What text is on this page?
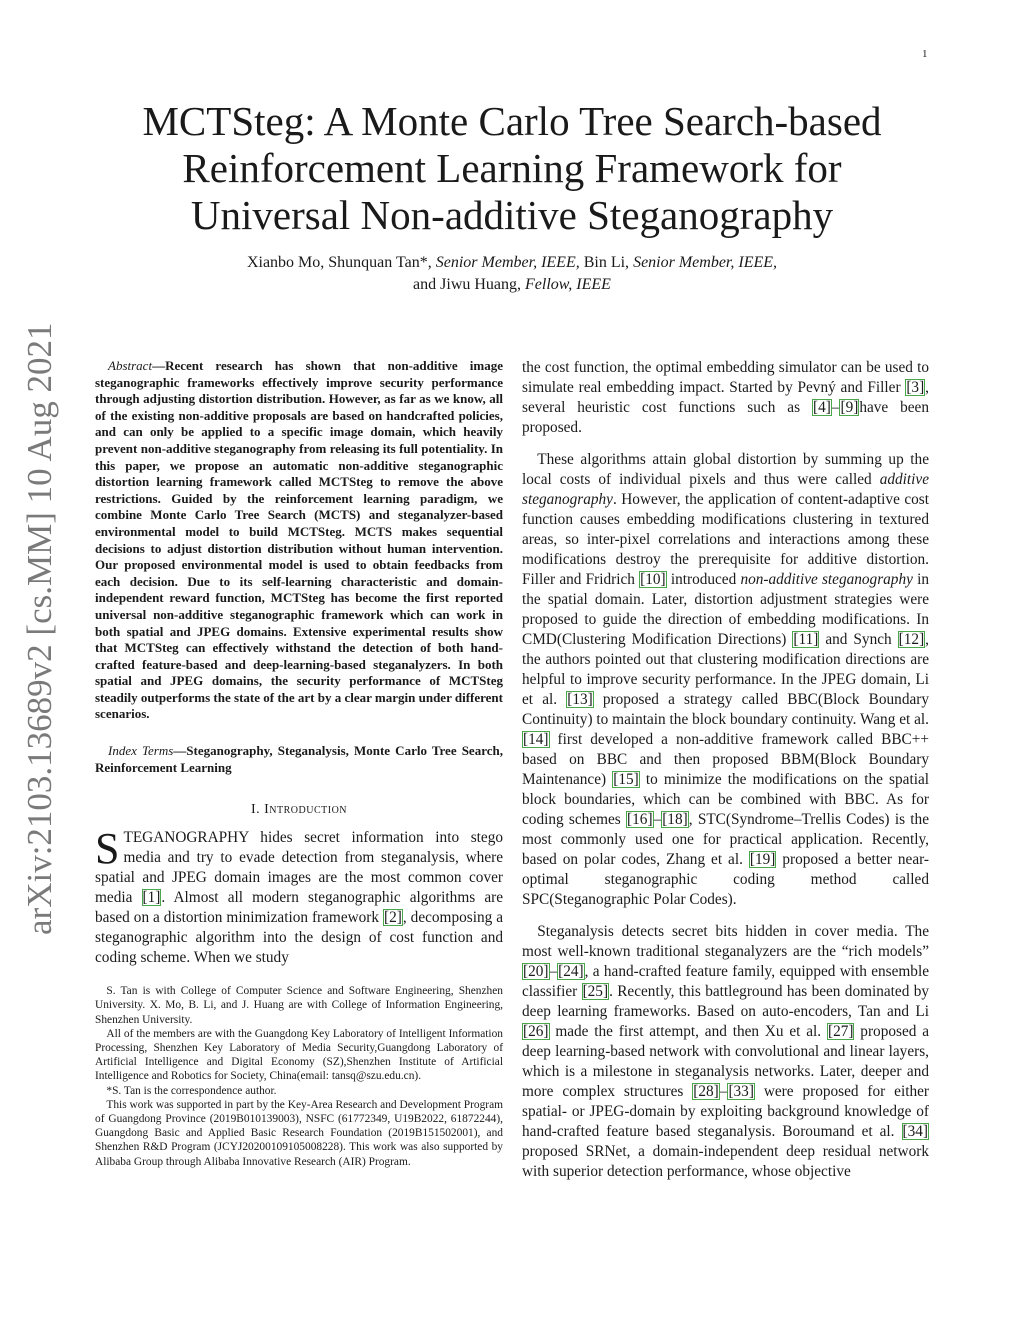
1
arXiv:2103.13689v2 [cs.MM] 10 Aug 2021
MCTSteg: A Monte Carlo Tree Search-based
Reinforcement Learning Framework for
Universal Non-additive Steganography
Xianbo Mo, Shunquan Tan*, Senior Member, IEEE, Bin Li, Senior Member, IEEE,
and Jiwu Huang, Fellow, IEEE

Abstract—Recent research has shown that non-additive image steganographic frameworks effectively improve security performance through adjusting distortion distribution. However, as far as we know, all of the existing non-additive proposals are based on handcrafted policies, and can only be applied to a specific image domain, which heavily prevent non-additive steganography from releasing its full potentiality. In this paper, we propose an automatic non-additive steganographic distortion learning framework called MCTSteg to remove the above restrictions. Guided by the reinforcement learning paradigm, we combine Monte Carlo Tree Search (MCTS) and steganalyzer-based environmental model to build MCTSteg. MCTS makes sequential decisions to adjust distortion distribution without human intervention. Our proposed environmental model is used to obtain feedbacks from each decision. Due to its self-learning characteristic and domain-independent reward function, MCTSteg has become the first reported universal non-additive steganographic framework which can work in both spatial and JPEG domains. Extensive experimental results show that MCTSteg can effectively withstand the detection of both hand-crafted feature-based and deep-learning-based steganalyzers. In both spatial and JPEG domains, the security performance of MCTSteg steadily outperforms the state of the art by a clear margin under different scenarios.

Index Terms—Steganography, Steganalysis, Monte Carlo Tree Search, Reinforcement Learning

I. Introduction

STEGANOGRAPHY hides secret information into stego media and try to evade detection from steganalysis, where spatial and JPEG domain images are the most common cover media [1]. Almost all modern steganographic algorithms are based on a distortion minimization framework [2], decomposing a steganographic algorithm into the design of cost function and coding scheme. When we study

S. Tan is with College of Computer Science and Software Engineering, Shenzhen University. X. Mo, B. Li, and J. Huang are with College of Information Engineering, Shenzhen University.

All of the members are with the Guangdong Key Laboratory of Intelligent Information Processing, Shenzhen Key Laboratory of Media Security,Guangdong Laboratory of Artificial Intelligence and Digital Economy (SZ),Shenzhen Institute of Artificial Intelligence and Robotics for Society, China(email: tansq@szu.edu.cn).

*S. Tan is the correspondence author.

This work was supported in part by the Key-Area Research and Development Program of Guangdong Province (2019B010139003), NSFC (61772349, U19B2022, 61872244), Guangdong Basic and Applied Basic Research Foundation (2019B151502001), and Shenzhen R&D Program (JCYJ20200109105008228). This work was also supported by Alibaba Group through Alibaba Innovative Research (AIR) Program.

the cost function, the optimal embedding simulator can be used to simulate real embedding impact. Started by Pevný and Filler [3], several heuristic cost functions such as [4]–[9]have been proposed.

These algorithms attain global distortion by summing up the local costs of individual pixels and thus were called additive steganography. However, the application of content-adaptive cost function causes embedding modifications clustering in textured areas, so inter-pixel correlations and interactions among these modifications destroy the prerequisite for additive distortion. Filler and Fridrich [10] introduced non-additive steganography in the spatial domain. Later, distortion adjustment strategies were proposed to guide the direction of embedding modifications. In CMD(Clustering Modification Directions) [11] and Synch [12], the authors pointed out that clustering modification directions are helpful to improve security performance. In the JPEG domain, Li et al. [13] proposed a strategy called BBC(Block Boundary Continuity) to maintain the block boundary continuity. Wang et al. [14] first developed a non-additive framework called BBC++ based on BBC and then proposed BBM(Block Boundary Maintenance) [15] to minimize the modifications on the spatial block boundaries, which can be combined with BBC. As for coding schemes [16]–[18], STC(Syndrome–Trellis Codes) is the most commonly used one for practical application. Recently, based on polar codes, Zhang et al. [19] proposed a better near-optimal steganographic coding method called SPC(Steganographic Polar Codes).

Steganalysis detects secret bits hidden in cover media. The most well-known traditional steganalyzers are the “rich models” [20]–[24], a hand-crafted feature family, equipped with ensemble classifier [25]. Recently, this battleground has been dominated by deep learning frameworks. Based on auto-encoders, Tan and Li [26] made the first attempt, and then Xu et al. [27] proposed a deep learning-based network with convolutional and linear layers, which is a milestone in steganalysis networks. Later, deeper and more complex structures [28]–[33] were proposed for either spatial- or JPEG-domain by exploiting background knowledge of hand-crafted feature based steganalysis. Boroumand et al. [34] proposed SRNet, a domain-independent deep residual network with superior detection performance, whose objective
